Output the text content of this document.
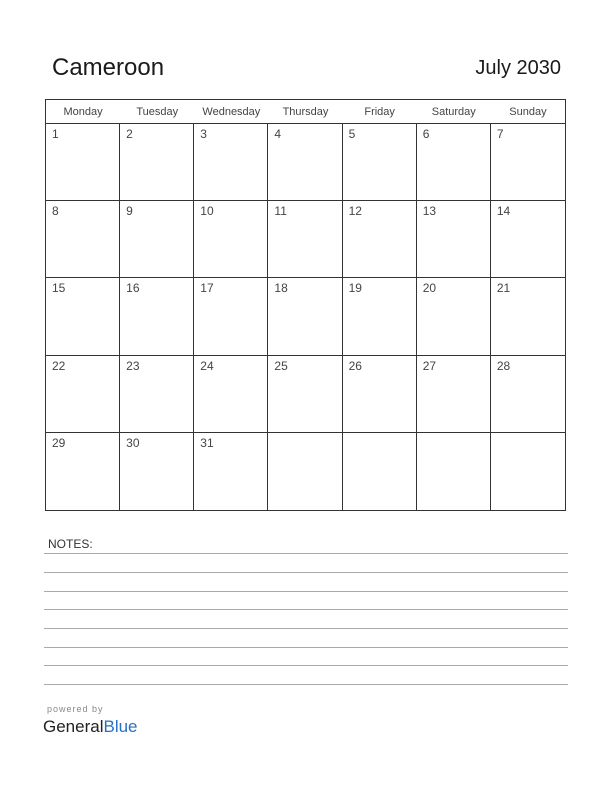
Cameroon	July 2030
Monday	Tuesday	Wednesday	Thursday	Friday	Saturday	Sunday
1	2	3	4	5	6	7
8	9	10	11	12	13	14
15	16	17	18	19	20	21
22	23	24	25	26	27	28
29	30	31
NOTES:
powered by
GeneralBlue
